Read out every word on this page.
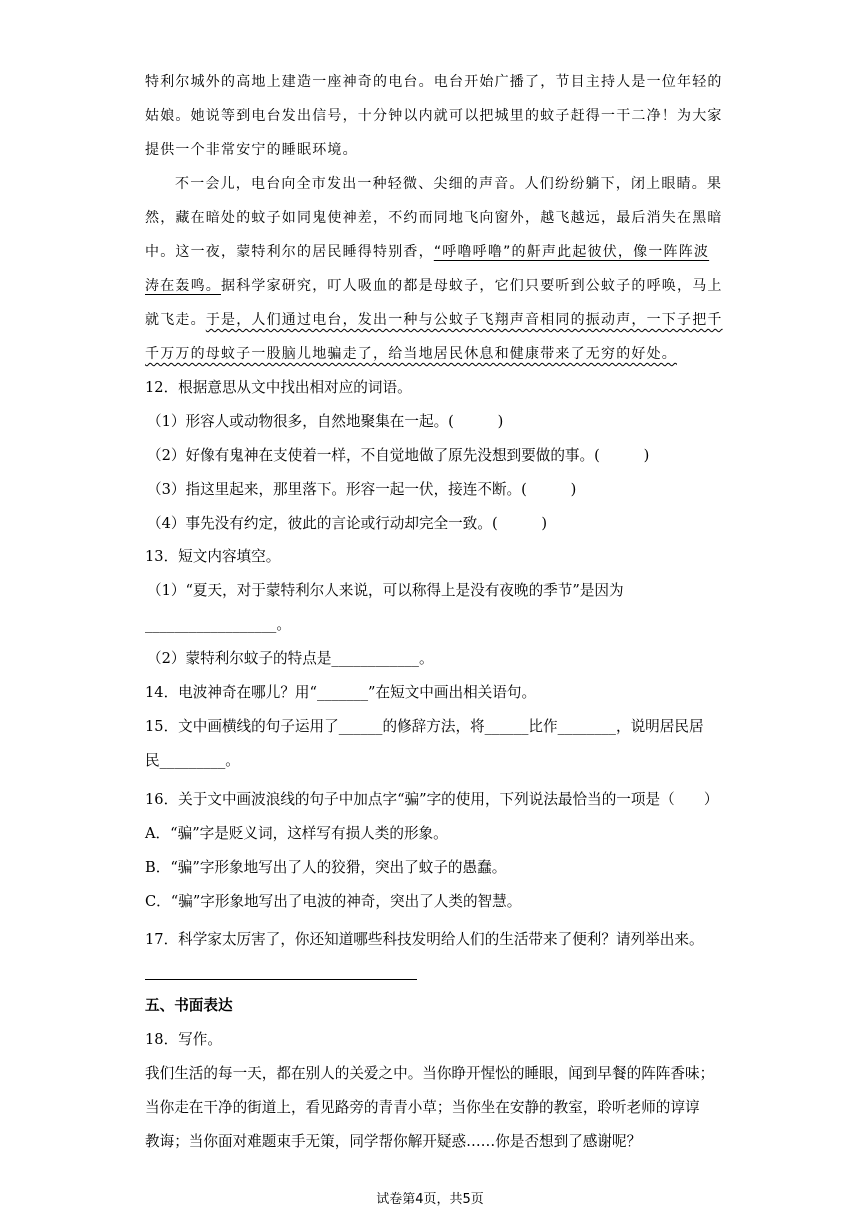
特利尔城外的高地上建造一座神奇的电台。电台开始广播了，节目主持人是一位年轻的
姑娘。她说等到电台发出信号，十分钟以内就可以把城里的蚊子赶得一干二净！为大家
提供一个非常安宁的睡眠环境。
不一会儿，电台向全市发出一种轻微、尖细的声音。人们纷纷躺下，闭上眼睛。果
然，藏在暗处的蚊子如同鬼使神差，不约而同地飞向窗外，越飞越远，最后消失在黑暗
中。这一夜，蒙特利尔的居民睡得特别香，“呼噜呼噜”的鼾声此起彼伏，像一阵阵波
涛在轰鸣。据科学家研究，叮人吸血的都是母蚊子，它们只要听到公蚊子的呼唤，马上
就飞走。于是，人们通过电台，发出一种与公蚊子飞翔声音相同的振动声，一下子把千
千万万的母蚊子一股脑儿地骗走了，给当地居民休息和健康带来了无穷的好处。
12．根据意思从文中找出相对应的词语。
（1）形容人或动物很多，自然地聚集在一起。(　　　)
（2）好像有鬼神在支使着一样，不自觉地做了原先没想到要做的事。(　　　)
（3）指这里起来，那里落下。形容一起一伏，接连不断。(　　　)
（4）事先没有约定，彼此的言论或行动却完全一致。(　　　)
13．短文内容填空。
（1）“夏天，对于蒙特利尔人来说，可以称得上是没有夜晚的季节”是因为
__________________。
（2）蒙特利尔蚊子的特点是____________。
14．电波神奇在哪儿？用“_______”在短文中画出相关语句。
15．文中画横线的句子运用了______的修辞方法，将______比作________，说明居民居
民_________。
16．关于文中画波浪线的句子中加点字“骗”字的使用，下列说法最恰当的一项是（　　）
A．“骗”字是贬义词，这样写有损人类的形象。
B．“骗”字形象地写出了人的狡猾，突出了蚊子的愚蠢。
C．“骗”字形象地写出了电波的神奇，突出了人类的智慧。
17．科学家太厉害了，你还知道哪些科技发明给人们的生活带来了便利？请列举出来。
五、书面表达
18．写作。
我们生活的每一天，都在别人的关爱之中。当你睁开惺忪的睡眼，闻到早餐的阵阵香味；
当你走在干净的街道上，看见路旁的青青小草；当你坐在安静的教室，聆听老师的谆谆
教诲；当你面对难题束手无策，同学帮你解开疑惑……你是否想到了感谢呢？
试卷第4页，共5页
